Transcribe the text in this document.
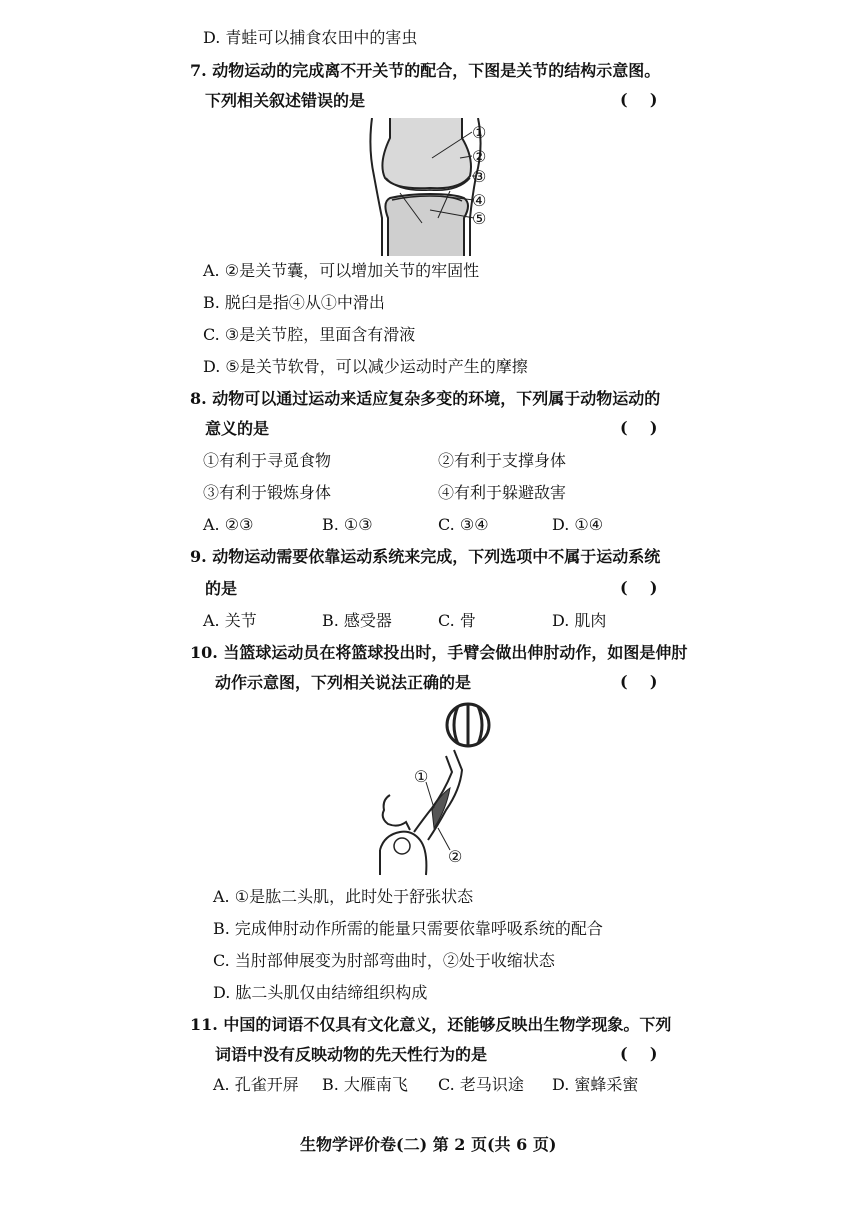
D. 青蛙可以捕食农田中的害虫
7. 动物运动的完成离不开关节的配合，下图是关节的结构示意图。
下列相关叙述错误的是	(    )
①
②
③
④
⑤
A. ②是关节囊，可以增加关节的牢固性
B. 脱臼是指④从①中滑出
C. ③是关节腔，里面含有滑液
D. ⑤是关节软骨，可以减少运动时产生的摩擦
8. 动物可以通过运动来适应复杂多变的环境，下列属于动物运动的
意义的是	(    )
①有利于寻觅食物	②有利于支撑身体
③有利于锻炼身体	④有利于躲避敌害
A. ②③	B. ①③	C. ③④	D. ①④
9. 动物运动需要依靠运动系统来完成，下列选项中不属于运动系统
的是	(    )
A. 关节	B. 感受器	C. 骨	D. 肌肉
10. 当篮球运动员在将篮球投出时，手臂会做出伸肘动作，如图是伸肘
动作示意图，下列相关说法正确的是	(    )
①
②
A. ①是肱二头肌，此时处于舒张状态
B. 完成伸肘动作所需的能量只需要依靠呼吸系统的配合
C. 当肘部伸展变为肘部弯曲时，②处于收缩状态
D. 肱二头肌仅由结缔组织构成
11. 中国的词语不仅具有文化意义，还能够反映出生物学现象。下列
词语中没有反映动物的先天性行为的是	(    )
A. 孔雀开屏 B. 大雁南飞 C. 老马识途 D. 蜜蜂采蜜
生物学评价卷(二) 第 2 页(共 6 页)
